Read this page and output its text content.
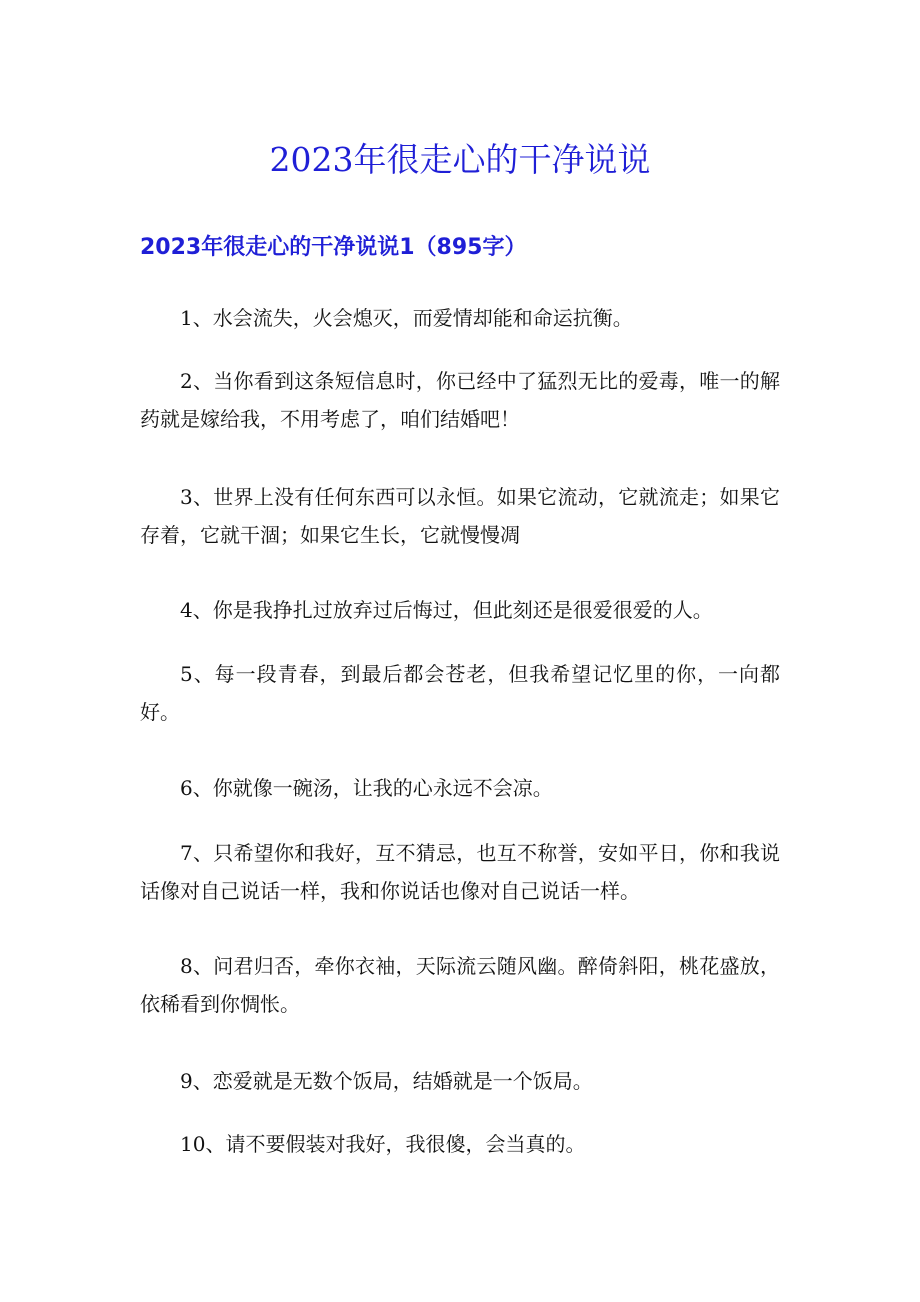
2023年很走心的干净说说
2023年很走心的干净说说1（895字）

1、水会流失，火会熄灭，而爱情却能和命运抗衡。

2、当你看到这条短信息时，你已经中了猛烈无比的爱毒，唯一的解药就是嫁给我，不用考虑了，咱们结婚吧！

3、世界上没有任何东西可以永恒。如果它流动，它就流走；如果它存着，它就干涸；如果它生长，它就慢慢凋

4、你是我挣扎过放弃过后悔过，但此刻还是很爱很爱的人。

5、每一段青春，到最后都会苍老，但我希望记忆里的你，一向都好。

6、你就像一碗汤，让我的心永远不会凉。

7、只希望你和我好，互不猜忌，也互不称誉，安如平日，你和我说话像对自己说话一样，我和你说话也像对自己说话一样。

8、问君归否，牵你衣袖，天际流云随风幽。醉倚斜阳，桃花盛放，依稀看到你惆怅。

9、恋爱就是无数个饭局，结婚就是一个饭局。

10、请不要假装对我好，我很傻，会当真的。
